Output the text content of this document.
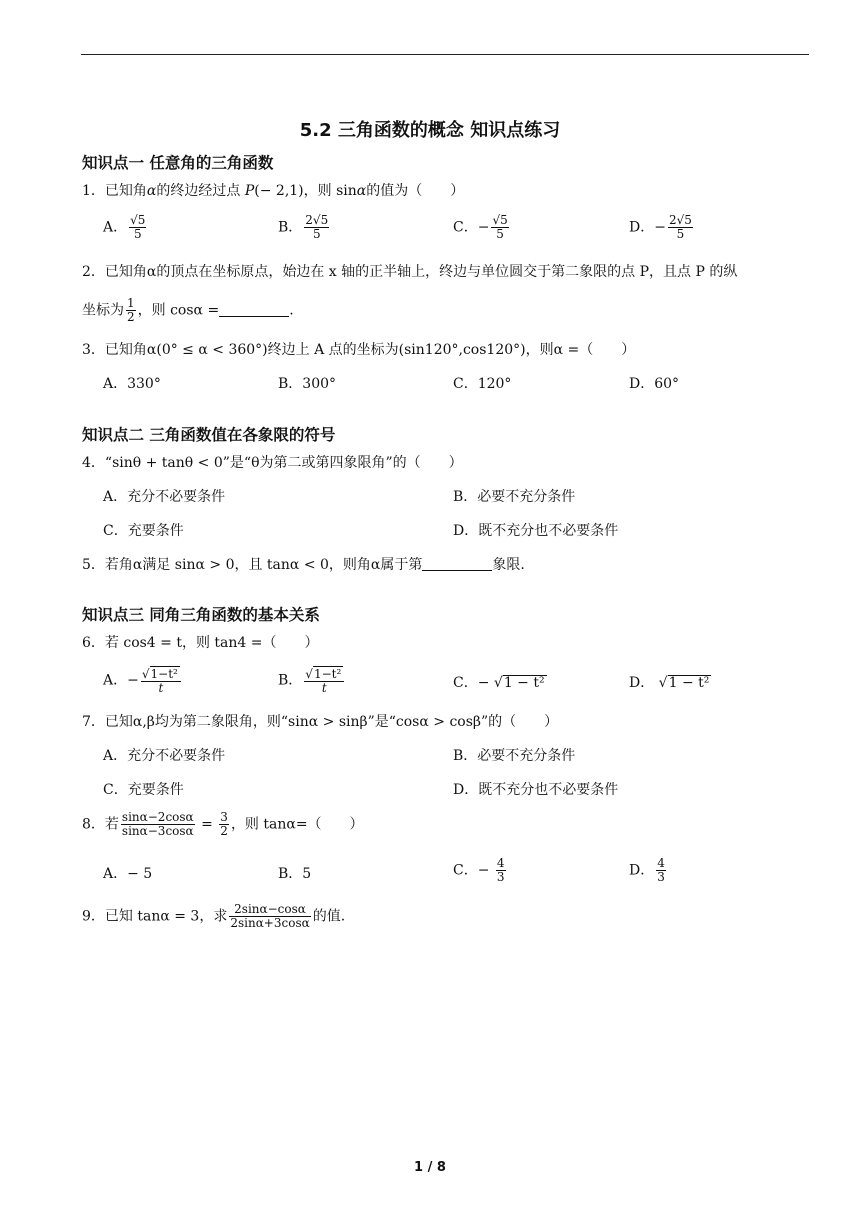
5.2 三角函数的概念 知识点练习
知识点一 任意角的三角函数
1．已知角α的终边经过点 P(− 2,1)，则 sinα的值为（　　）
A． $\frac{√5}{5}$	B． $\frac{2√5}{5}$	C．− $\frac{√5}{5}$	D．− $\frac{2√5}{5}$
2．已知角α的顶点在坐标原点，始边在 x 轴的正半轴上，终边与单位圆交于第二象限的点 P，且点 P 的纵
坐标为 $\frac{1}{2}$ ，则 cosα =	.
3．已知角α(0° ≤ α < 360°)终边上 A 点的坐标为(sin120°,cos120°)，则α =（　　）
A．330°	B．300°	C．120°	D．60°
知识点二 三角函数值在各象限的符号
4．“sinθ + tanθ < 0”是“θ为第二或第四象限角”的（　　）
A．充分不必要条件	B．必要不充分条件
C．充要条件	D．既不充分也不必要条件
5．若角α满足 sinα > 0，且 tanα < 0，则角α属于第	象限.
知识点三 同角三角函数的基本关系
6．若 cos4 = t，则 tan4 =（　　）
A．− $\frac{\text{√1−t²}}{t}$	B． $\frac{\text{√1−t²}}{t}$	C．− √1 − t²	D． √1 − t²
7．已知α,β均为第二象限角，则“sinα > sinβ”是“cosα > cosβ”的（　　）
A．充分不必要条件	B．必要不充分条件
C．充要条件	D．既不充分也不必要条件
8．若 $\frac{\sin\alpha-2\cos\alpha}{\sin\alpha-3\cos\alpha} = \frac{3}{2}$ ，则 tanα=（　　）
A．− 5	B．5	C．− $\frac{4}{3}$	D． $\frac{4}{3}$
9．已知 tanα = 3，求 $\frac{2\sin\alpha-\cos\alpha}{2\sin\alpha+3\cos\alpha}$ 的值.
1 / 8
